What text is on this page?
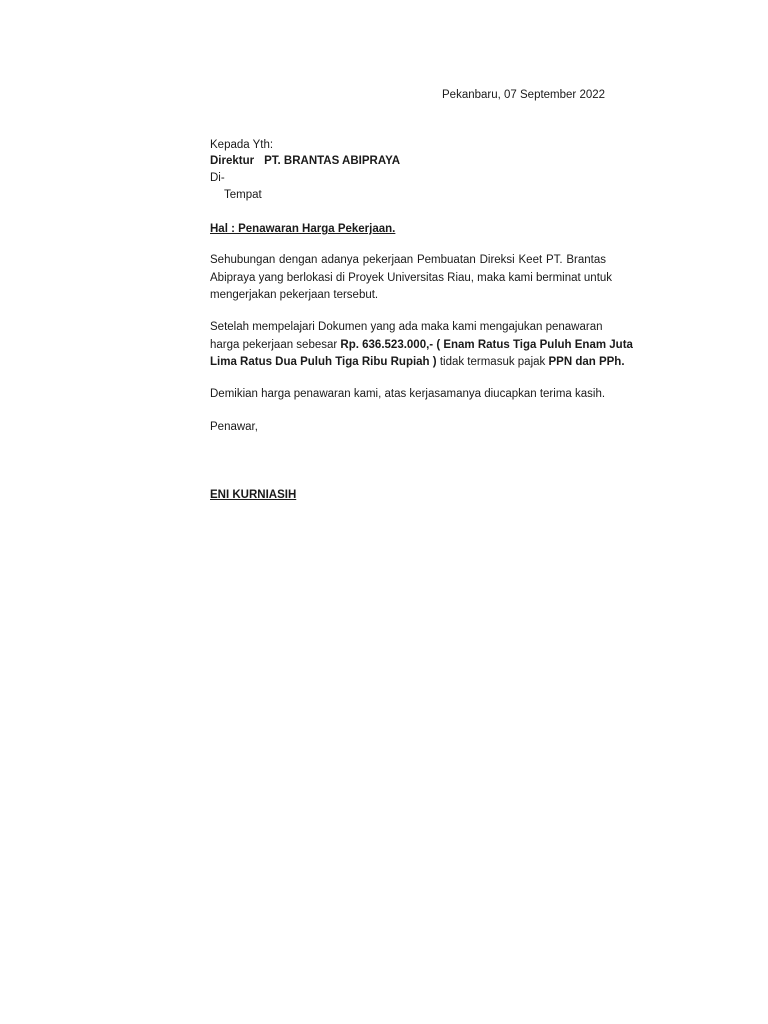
Pekanbaru, 07 September 2022
Kepada Yth:
Direktur PT. BRANTAS ABIPRAYA
Di-
Tempat
Hal : Penawaran Harga Pekerjaan.
Sehubungan dengan adanya pekerjaan Pembuatan Direksi Keet PT. Brantas
Abipraya yang berlokasi di Proyek Universitas Riau, maka kami berminat untuk
mengerjakan pekerjaan tersebut.
Setelah mempelajari Dokumen yang ada maka kami mengajukan penawaran
harga pekerjaan sebesar Rp. 636.523.000,- ( Enam Ratus Tiga Puluh Enam Juta
Lima Ratus Dua Puluh Tiga Ribu Rupiah ) tidak termasuk pajak PPN dan PPh.
Demikian harga penawaran kami, atas kerjasamanya diucapkan terima kasih.
Penawar,
ENI KURNIASIH
